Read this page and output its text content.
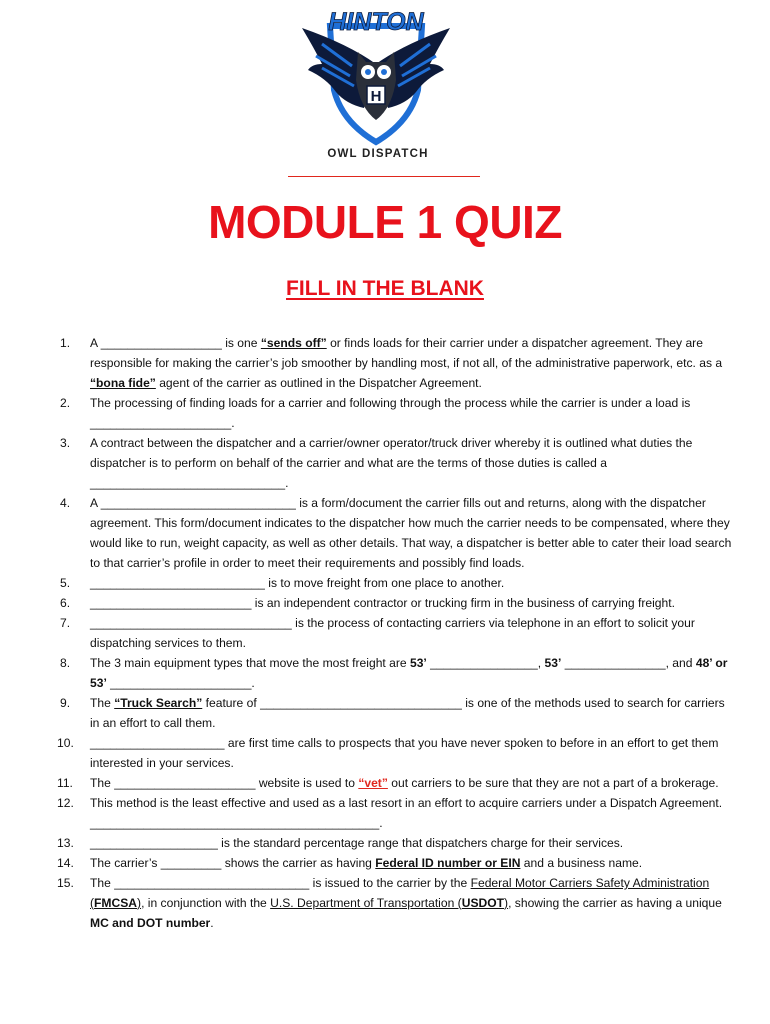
H
HINTON
OWL DISPATCH
MODULE 1 QUIZ
FILL IN THE BLANK
1.	A __________________ is one “sends off” or finds loads for their carrier under a dispatcher agreement. They are responsible for making the carrier’s job smoother by handling most, if not all, of the administrative paperwork, etc. as a “bona fide” agent of the carrier as outlined in the Dispatcher Agreement.
2.	The processing of finding loads for a carrier and following through the process while the carrier is under a load is _____________________.
3.	A contract between the dispatcher and a carrier/owner operator/truck driver whereby it is outlined what duties the dispatcher is to perform on behalf of the carrier and what are the terms of those duties is called a _____________________________.
4.	A _____________________________ is a form/document the carrier fills out and returns, along with the dispatcher agreement. This form/document indicates to the dispatcher how much the carrier needs to be compensated, where they would like to run, weight capacity, as well as other details. That way, a dispatcher is better able to cater their load search to that carrier’s profile in order to meet their requirements and possibly find loads.
5.	__________________________ is to move freight from one place to another.
6.	________________________ is an independent contractor or trucking firm in the business of carrying freight.
7.	______________________________ is the process of contacting carriers via telephone in an effort to solicit your dispatching services to them.
8.	The 3 main equipment types that move the most freight are 53’ ________________, 53’ _______________, and 48’ or 53’ _____________________.
9.	The “Truck Search” feature of ______________________________ is one of the methods used to search for carriers in an effort to call them.
10.	____________________ are first time calls to prospects that you have never spoken to before in an effort to get them interested in your services.
11.	The _____________________ website is used to “vet” out carriers to be sure that they are not a part of a brokerage.
12.	This method is the least effective and used as a last resort in an effort to acquire carriers under a Dispatch Agreement. ___________________________________________.
13.	___________________ is the standard percentage range that dispatchers charge for their services.
14.	The carrier’s _________ shows the carrier as having Federal ID number or EIN and a business name.
15.	The _____________________________ is issued to the carrier by the Federal Motor Carriers Safety Administration (FMCSA), in conjunction with the U.S. Department of Transportation (USDOT), showing the carrier as having a unique MC and DOT number.
